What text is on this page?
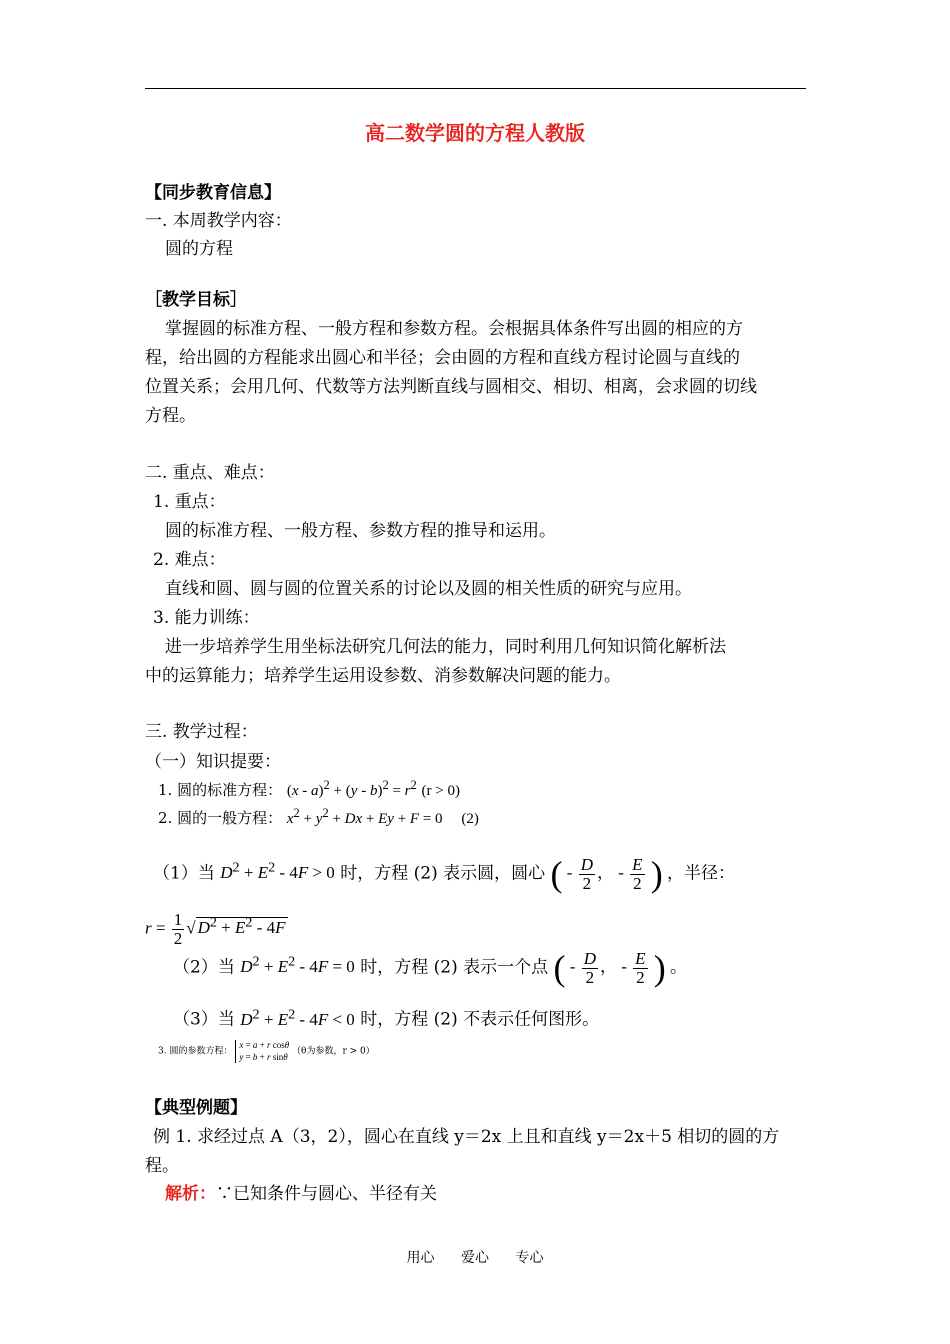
高二数学圆的方程人教版
【同步教育信息】
一. 本周教学内容：
圆的方程
［教学目标］
掌握圆的标准方程、一般方程和参数方程。会根据具体条件写出圆的相应的方
程，给出圆的方程能求出圆心和半径；会由圆的方程和直线方程讨论圆与直线的
位置关系；会用几何、代数等方法判断直线与圆相交、相切、相离，会求圆的切线
方程。
二. 重点、难点：
1. 重点：
圆的标准方程、一般方程、参数方程的推导和运用。
2. 难点：
直线和圆、圆与圆的位置关系的讨论以及圆的相关性质的研究与应用。
3. 能力训练：
进一步培养学生用坐标法研究几何法的能力，同时利用几何知识简化解析法
中的运算能力；培养学生运用设参数、消参数解决问题的能力。
三. 教学过程：
（一）知识提要：
1. 圆的标准方程： $(x - a)^2 + (y - b)^2 = r^2$ (r > 0)
2. 圆的一般方程： $x^2 + y^2 + Dx + Ey + F = 0$ (2)
（1）当 $D^2 + E^2 - 4F > 0$ 时，方程 (2) 表示圆，圆心 ( - $\frac{D}{2}$ ， - $\frac{E}{2}$ ) ，半径：
$r = \frac{1}{2}$ √ $D^2 + E^2 - 4F$
（2）当 $D^2 + E^2 - 4F = 0$ 时，方程 (2) 表示一个点 ( - $\frac{D}{2}$ ， - $\frac{E}{2}$ ) 。
（3）当 $D^2 + E^2 - 4F < 0$ 时，方程 (2) 不表示任何图形。
3. 圆的参数方程： x = a + r cosθ
y = b + r sinθ （θ为参数，r > 0）
【典型例题】
例 1. 求经过点 A（3，2），圆心在直线 y＝2x 上且和直线 y＝2x＋5 相切的圆的方
程。
解析：∵已知条件与圆心、半径有关
用心 爱心 专心
